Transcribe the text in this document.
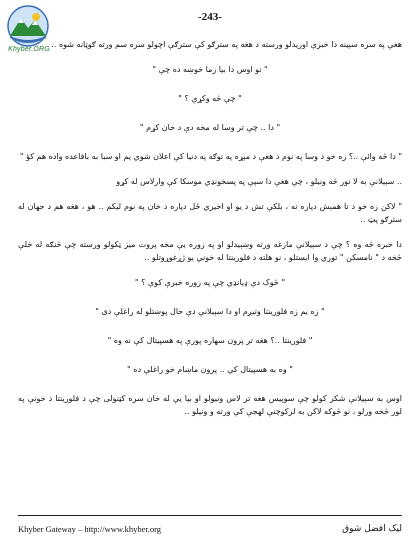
Khyber.ORG
-243-

هغې په سره سېينه دا خبرې اوريدلو ورسته د هغه په سترګو کې سترګې اچولو سره سم ورته ګوټانه شوه ..

" نو اوس دا بيا زما خوښه ده چې "

" چې څه وکړې ؟ "

" دا .. چې تر وسا له مخه دې د خان کړم "

" دا څه وائې ..؟ زه خو د وسا په نوم د هغې د مېړه په توګه په دنيا کې اعلان شوي يم او سبا به بافاعده واده هم کؤ "

.. سېيلانې به لا نور څه ونيلو ، چې هغې دا سپې په پسخونډي موسکا کې وارلاس له کړو

" لاکن زه خو د تا همېش دپاره نه ، بلکې تش د يو او اخيري ځل دپاره د خان په نوم ليکم .. هو ، هغه هم د جهان له سترګو پټ ..

دا خبره څه وه ؟ چې د سېيلانې مازغه ورته وښېيدلو او په زوره يې مخه پروت ميز ټکولو ورسته چې څنګه له خلې څخه د " نامسکن " توري وا ايستلو ، نو هلته د فلورينتا له خوني يو ژړغوړوتلو ..

" څوک دې ډيانډي چې په زوره خبرې کوې ؟ "

" زه يم زه فلورينتا وتيږم او دا سېيلانې دې حال پوښتلو له راغلې دی "

" فلورينتا ..؟ هغه تر پرون سهاره پورې په هسپيتال کې نه وه "

" وه به هسپيتال کې .. پرون ماښام خو راغلې ده "

اوس به سېيلانې شکر کولو چې سوپيس هغه تر لاس ونيولو او بيا يې له خان سره کټنولی چې د فلورينتا د خونې په لور څخه ورلو ، نو څوکه لاکن به لرکوچنې لهجې کې ورته و ونيلو ..

Khyber Gateway – http://www.khyber.org	ليک افضل شوق
